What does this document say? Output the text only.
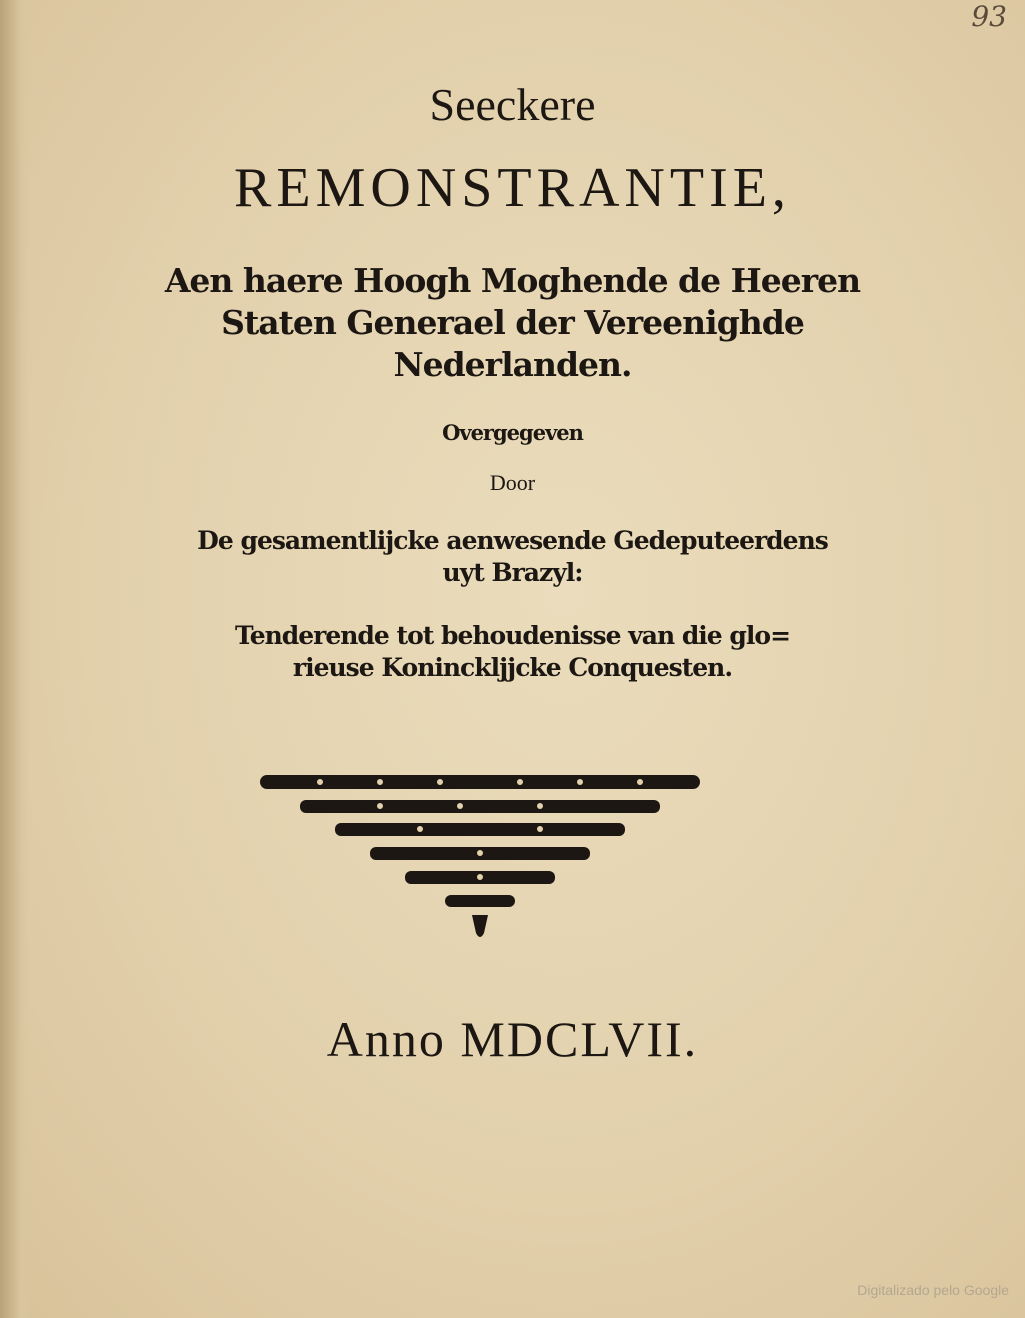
93
Seeckere
REMONSTRANTIE,
Aen haere Hoogh Moghende de Heeren
Staten Generael der Vereenighde
Nederlanden.
Overgegeven
Door
De gesamentlijcke aenwesende Gedeputeerdens
uyt Brazyl:
Tenderende tot behoudenisse van die glo=
rieuse Koninckljjcke Conquesten.
Anno MDCLVII.
Digitalizado pelo Google
